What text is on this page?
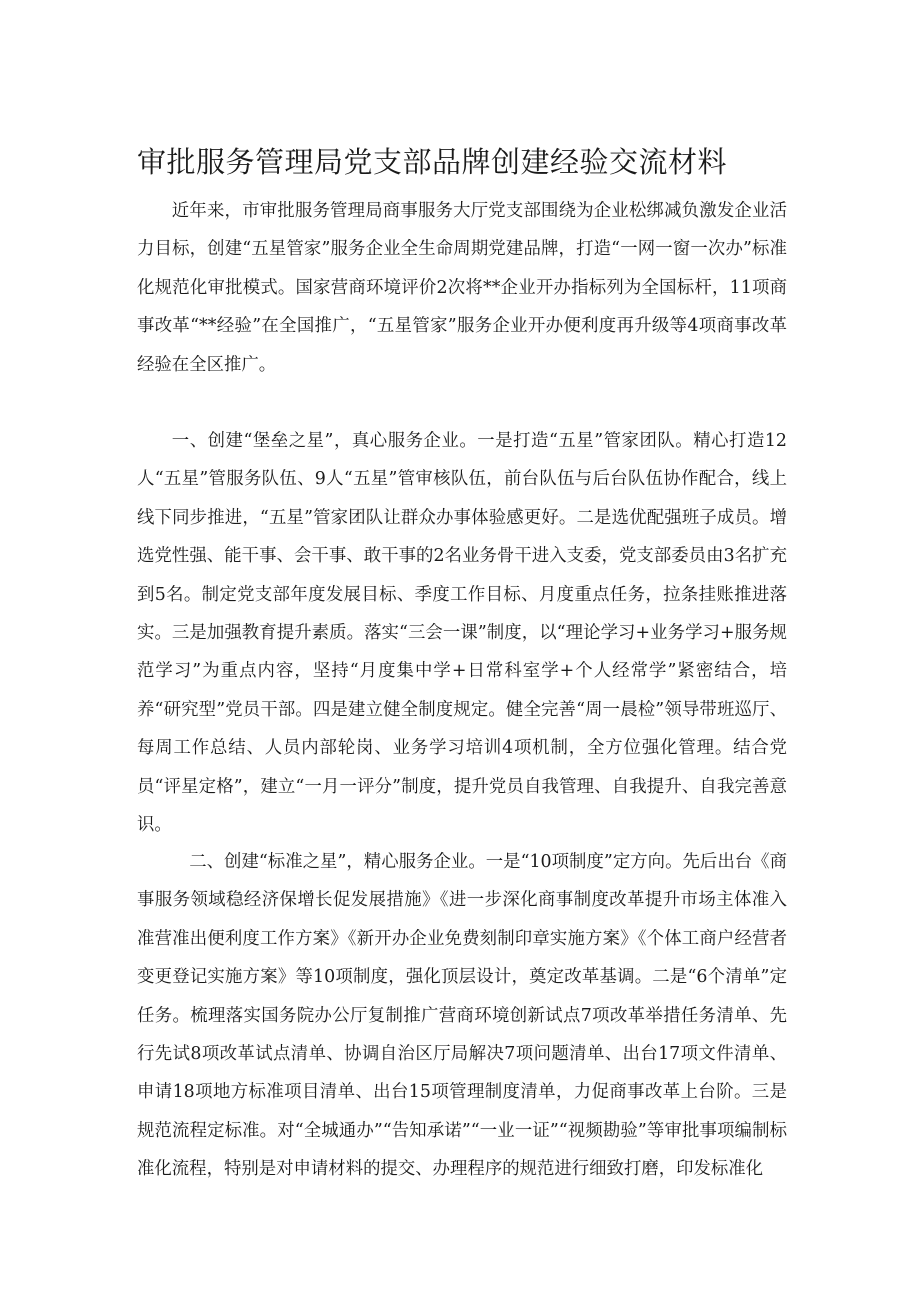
审批服务管理局党支部品牌创建经验交流材料

近年来，市审批服务管理局商事服务大厅党支部围绕为企业松绑减负激发企业活力目标，创建“五星管家”服务企业全生命周期党建品牌，打造“一网一窗一次办”标准化规范化审批模式。国家营商环境评价2次将**企业开办指标列为全国标杆，11项商事改革“**经验”在全国推广，“五星管家”服务企业开办便利度再升级等4项商事改革经验在全区推广。

一、创建“堡垒之星”，真心服务企业。一是打造“五星”管家团队。精心打造12人“五星”管服务队伍、9人“五星”管审核队伍，前台队伍与后台队伍协作配合，线上线下同步推进，“五星”管家团队让群众办事体验感更好。二是选优配强班子成员。增选党性强、能干事、会干事、敢干事的2名业务骨干进入支委，党支部委员由3名扩充到5名。制定党支部年度发展目标、季度工作目标、月度重点任务，拉条挂账推进落实。三是加强教育提升素质。落实“三会一课”制度，以“理论学习+业务学习+服务规范学习”为重点内容，坚持“月度集中学+日常科室学+个人经常学”紧密结合，培养“研究型”党员干部。四是建立健全制度规定。健全完善“周一晨检”领导带班巡厅、每周工作总结、人员内部轮岗、业务学习培训4项机制，全方位强化管理。结合党员“评星定格”，建立“一月一评分”制度，提升党员自我管理、自我提升、自我完善意识。

二、创建“标准之星”，精心服务企业。一是“10项制度”定方向。先后出台《商事服务领域稳经济保增长促发展措施》《进一步深化商事制度改革提升市场主体准入准营准出便利度工作方案》《新开办企业免费刻制印章实施方案》《个体工商户经营者变更登记实施方案》等10项制度，强化顶层设计，奠定改革基调。二是“6个清单”定任务。梳理落实国务院办公厅复制推广营商环境创新试点7项改革举措任务清单、先行先试8项改革试点清单、协调自治区厅局解决7项问题清单、出台17项文件清单、申请18项地方标准项目清单、出台15项管理制度清单，力促商事改革上台阶。三是规范流程定标准。对“全城通办”“告知承诺”“一业一证”“视频勘验”等审批事项编制标准化流程，特别是对申请材料的提交、办理程序的规范进行细致打磨，印发标准化
